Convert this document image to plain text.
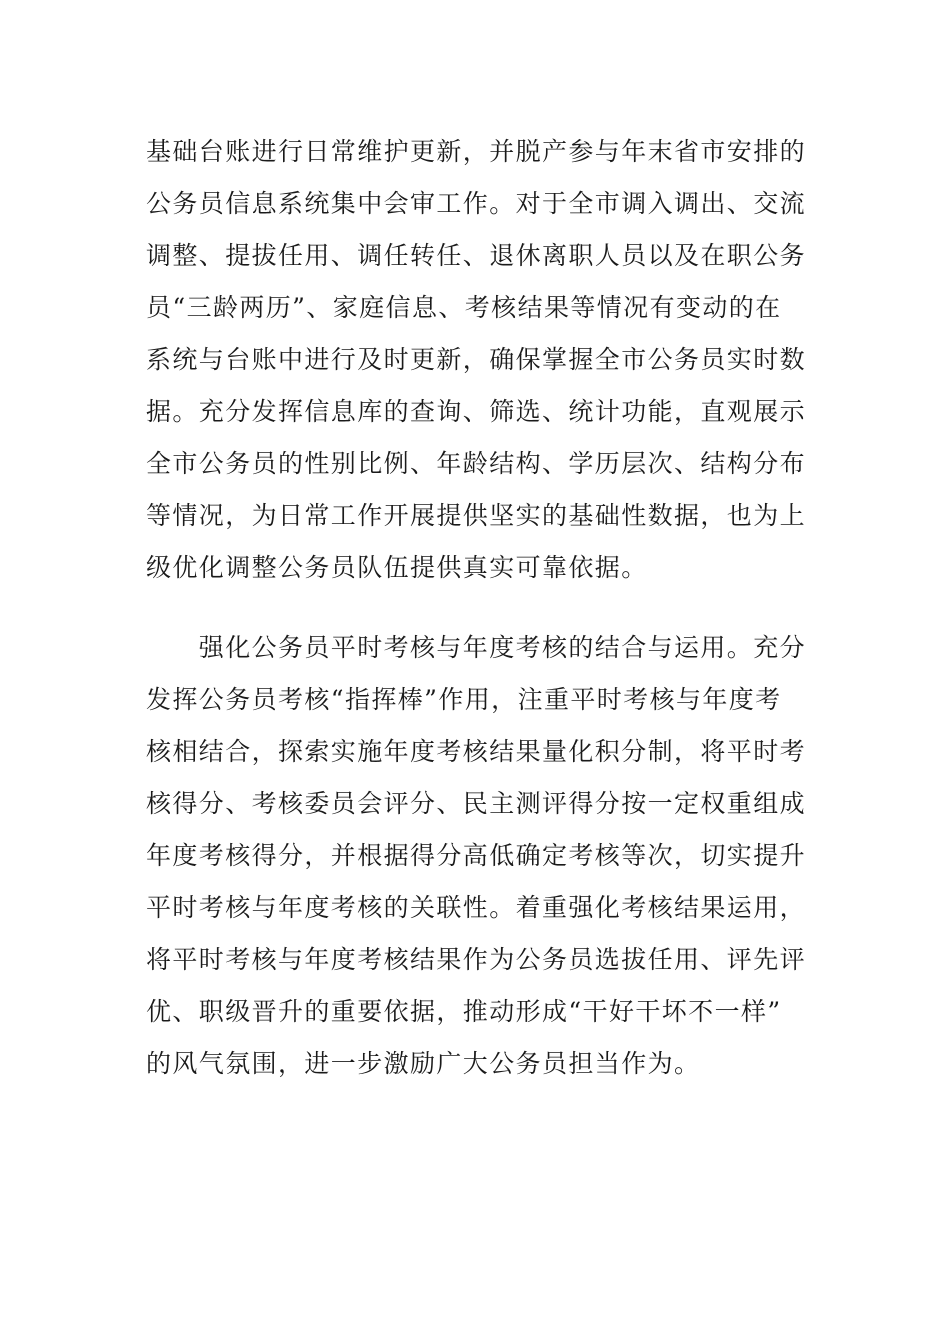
基础台账进行日常维护更新，并脱产参与年末省市安排的
公务员信息系统集中会审工作。对于全市调入调出、交流
调整、提拔任用、调任转任、退休离职人员以及在职公务
员“三龄两历”、家庭信息、考核结果等情况有变动的在
系统与台账中进行及时更新，确保掌握全市公务员实时数
据。充分发挥信息库的查询、筛选、统计功能，直观展示
全市公务员的性别比例、年龄结构、学历层次、结构分布
等情况，为日常工作开展提供坚实的基础性数据，也为上
级优化调整公务员队伍提供真实可靠依据。
　　强化公务员平时考核与年度考核的结合与运用。充分
发挥公务员考核“指挥棒”作用，注重平时考核与年度考
核相结合，探索实施年度考核结果量化积分制，将平时考
核得分、考核委员会评分、民主测评得分按一定权重组成
年度考核得分，并根据得分高低确定考核等次，切实提升
平时考核与年度考核的关联性。着重强化考核结果运用，
将平时考核与年度考核结果作为公务员选拔任用、评先评
优、职级晋升的重要依据，推动形成“干好干坏不一样”
的风气氛围，进一步激励广大公务员担当作为。
